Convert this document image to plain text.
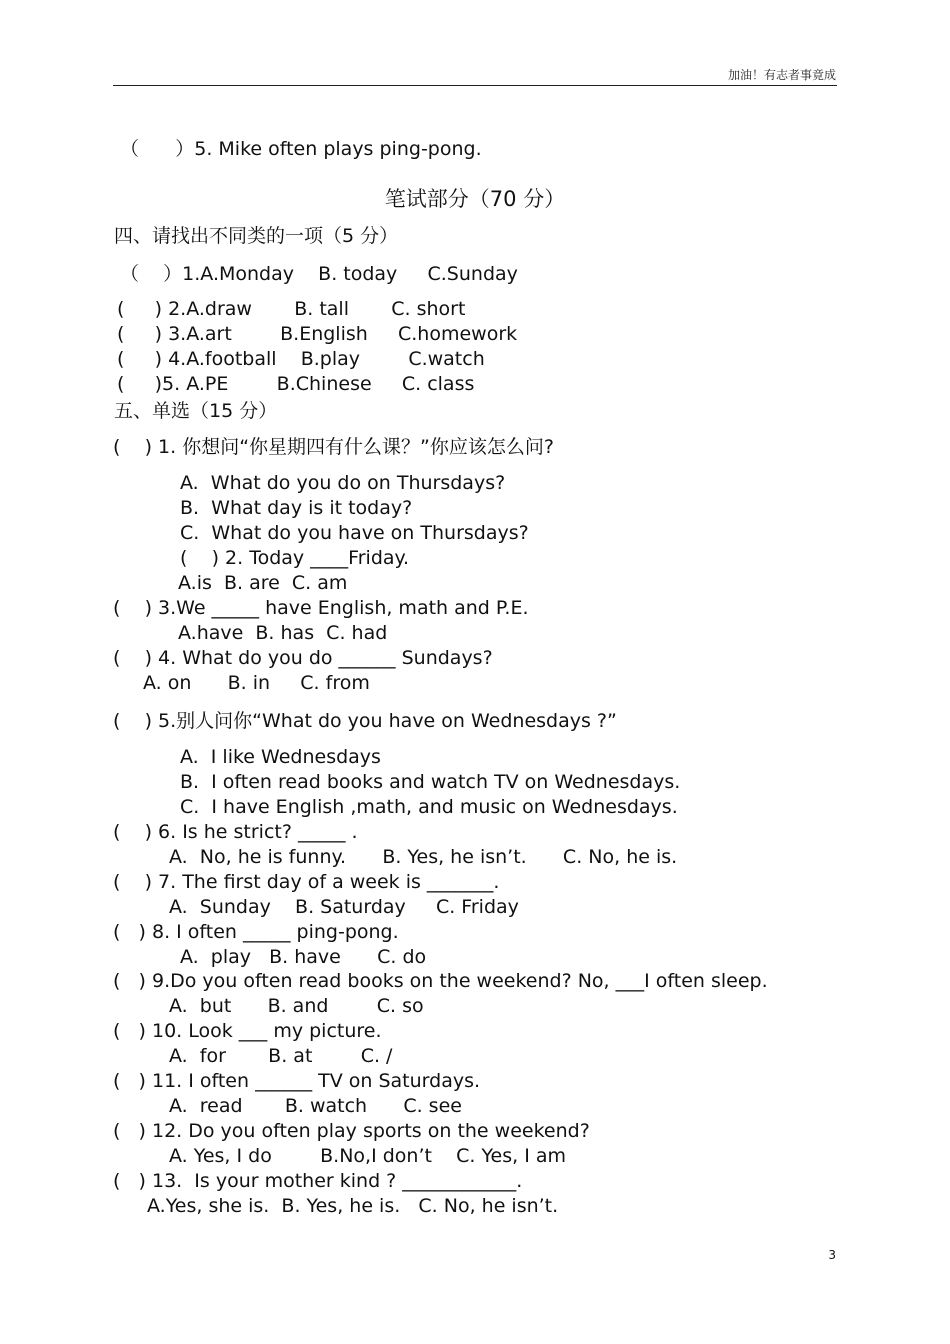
加油！有志者事竟成
（      ）5. Mike often plays ping-pong.
笔试部分（70 分）
四、请找出不同类的一项（5 分）
（    ）1.A.Monday    B. today     C.Sunday
(     ) 2.A.draw       B. tall       C. short
(     ) 3.A.art        B.English     C.homework
(     ) 4.A.football    B.play        C.watch
(     )5. A.PE        B.Chinese     C. class
五、单选（15 分）
(    ) 1. 你想问“你星期四有什么课？”你应该怎么问?
A.  What do you do on Thursdays?
B.  What day is it today?
C.  What do you have on Thursdays?
(    ) 2. Today ____Friday.
A.is  B. are  C. am
(    ) 3.We _____ have English, math and P.E.
A.have  B. has  C. had
(    ) 4. What do you do ______ Sundays?
A. on      B. in     C. from
(    ) 5.别人问你“What do you have on Wednesdays ?”
A.  I like Wednesdays
B.  I often read books and watch TV on Wednesdays.
C.  I have English ,math, and music on Wednesdays.
(    ) 6. Is he strict? _____ .
A.  No, he is funny.      B. Yes, he isn’t.      C. No, he is.
(    ) 7. The first day of a week is _______.
A.  Sunday    B. Saturday     C. Friday
(   ) 8. I often _____ ping-pong.
A.  play   B. have      C. do
(   ) 9.Do you often read books on the weekend? No, ___I often sleep.
A.  but      B. and        C. so
(   ) 10. Look ___ my picture.
A.  for       B. at        C. /
(   ) 11. I often ______ TV on Saturdays.
A.  read       B. watch      C. see
(   ) 12. Do you often play sports on the weekend?
A. Yes, I do        B.No,I don’t    C. Yes, I am
(   ) 13.  Is your mother kind ? ____________.
A.Yes, she is.  B. Yes, he is.   C. No, he isn’t.
3
